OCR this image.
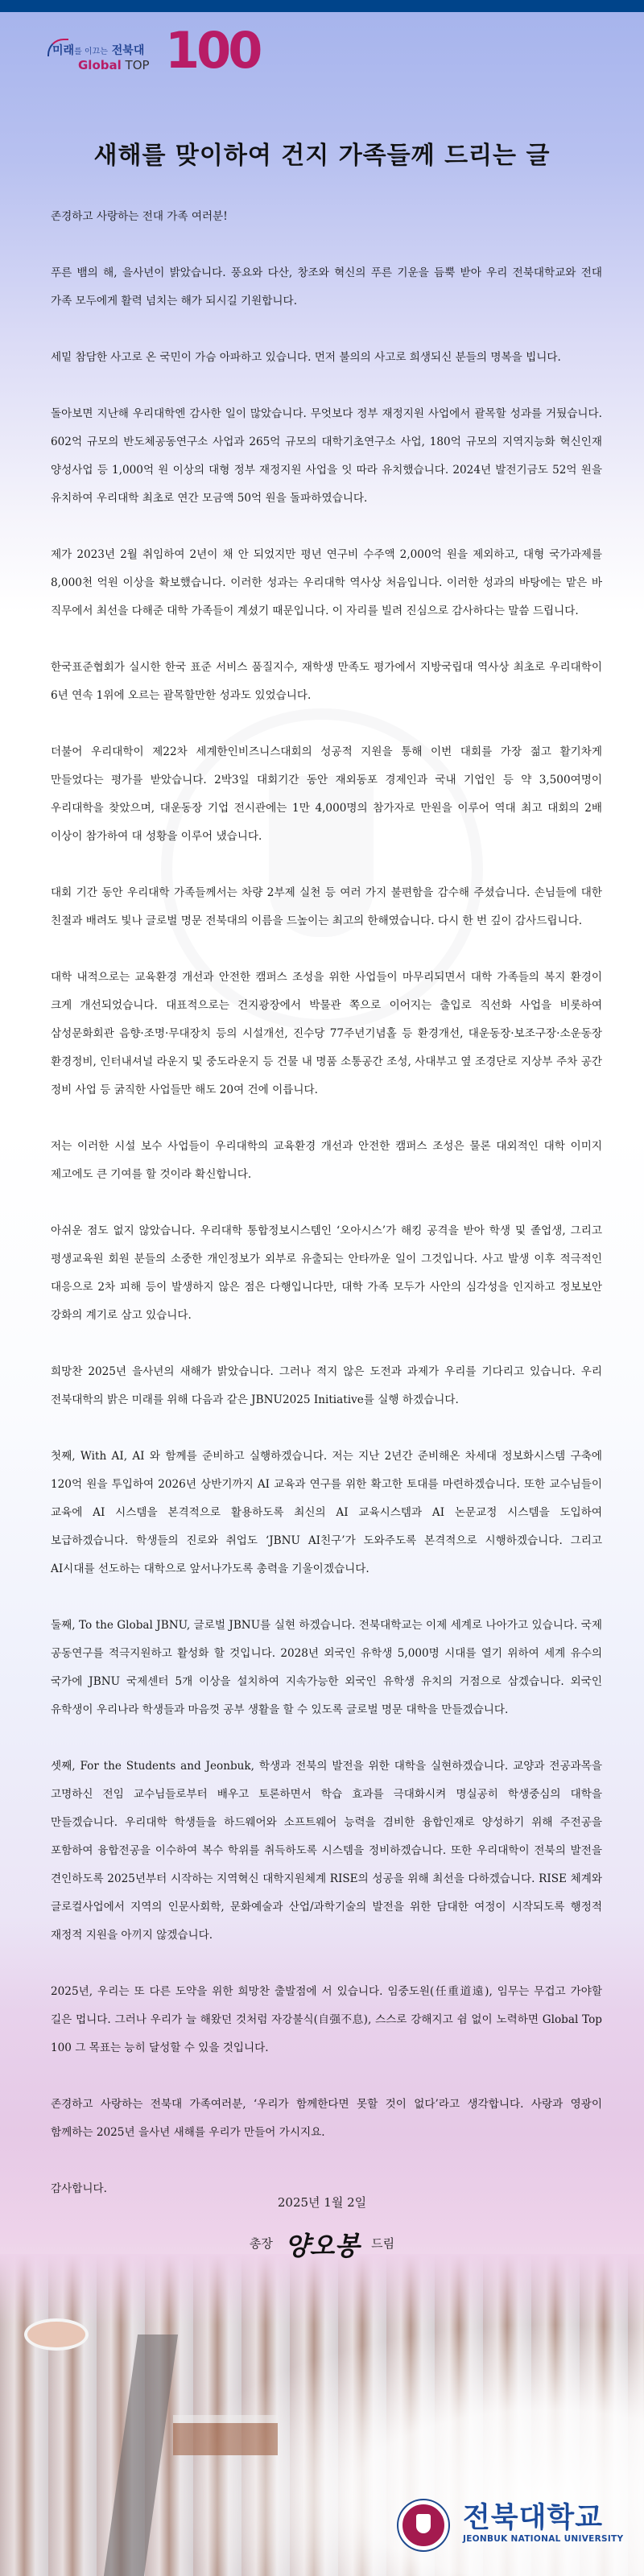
미래를 이끄는 전북대
Global TOP 100
새해를 맞이하여 건지 가족들께 드리는 글

존경하고 사랑하는 전대 가족 여러분!

푸른 뱀의 해, 을사년이 밝았습니다. 풍요와 다산, 창조와 혁신의 푸른 기운을 듬뿍 받아 우리 전북대학교와 전대 가족 모두에게 활력 넘치는 해가 되시길 기원합니다.

세밑 참담한 사고로 온 국민이 가슴 아파하고 있습니다. 먼저 불의의 사고로 희생되신 분들의 명복을 빕니다.

돌아보면 지난해 우리대학엔 감사한 일이 많았습니다. 무엇보다 정부 재정지원 사업에서 괄목할 성과를 거뒀습니다. 602억 규모의 반도체공동연구소 사업과 265억 규모의 대학기초연구소 사업, 180억 규모의 지역지능화 혁신인재 양성사업 등 1,000억 원 이상의 대형 정부 재정지원 사업을 잇 따라 유치했습니다. 2024년 발전기금도 52억 원을 유치하여 우리대학 최초로 연간 모금액 50억 원을 돌파하였습니다.

제가 2023년 2월 취임하여 2년이 채 안 되었지만 평년 연구비 수주액 2,000억 원을 제외하고, 대형 국가과제를 8,000천 억원 이상을 확보했습니다. 이러한 성과는 우리대학 역사상 처음입니다. 이러한 성과의 바탕에는 맡은 바 직무에서 최선을 다해준 대학 가족들이 계셨기 때문입니다. 이 자리를 빌려 진심으로 감사하다는 말씀 드립니다.

한국표준협회가 실시한 한국 표준 서비스 품질지수, 재학생 만족도 평가에서 지방국립대 역사상 최초로 우리대학이 6년 연속 1위에 오르는 괄목할만한 성과도 있었습니다.

더불어 우리대학이 제22차 세계한인비즈니스대회의 성공적 지원을 통해 이번 대회를 가장 젊고 활기차게 만들었다는 평가를 받았습니다. 2박3일 대회기간 동안 재외동포 경제인과 국내 기업인 등 약 3,500여명이 우리대학을 찾았으며, 대운동장 기업 전시관에는 1만 4,000명의 참가자로 만원을 이루어 역대 최고 대회의 2배 이상이 참가하여 대 성황을 이루어 냈습니다.

대회 기간 동안 우리대학 가족들께서는 차량 2부제 실천 등 여러 가지 불편함을 감수해 주셨습니다. 손님들에 대한 친절과 배려도 빛나 글로벌 명문 전북대의 이름을 드높이는 최고의 한해였습니다. 다시 한 번 깊이 감사드립니다.

대학 내적으로는 교육환경 개선과 안전한 캠퍼스 조성을 위한 사업들이 마무리되면서 대학 가족들의 복지 환경이 크게 개선되었습니다. 대표적으로는 건지광장에서 박물관 쪽으로 이어지는 출입로 직선화 사업을 비롯하여 삼성문화회관 음향·조명·무대장치 등의 시설개선, 진수당 77주년기념홀 등 환경개선, 대운동장·보조구장·소운동장 환경정비, 인터내셔널 라운지 및 중도라운지 등 건물 내 명품 소통공간 조성, 사대부고 옆 조경단로 지상부 주차 공간 정비 사업 등 굵직한 사업들만 해도 20여 건에 이릅니다.

저는 이러한 시설 보수 사업들이 우리대학의 교육환경 개선과 안전한 캠퍼스 조성은 물론 대외적인 대학 이미지 제고에도 큰 기여를 할 것이라 확신합니다.

아쉬운 점도 없지 않았습니다. 우리대학 통합정보시스템인 ‘오아시스’가 해킹 공격을 받아 학생 및 졸업생, 그리고 평생교육원 회원 분들의 소중한 개인정보가 외부로 유출되는 안타까운 일이 그것입니다. 사고 발생 이후 적극적인 대응으로 2차 피해 등이 발생하지 않은 점은 다행입니다만, 대학 가족 모두가 사안의 심각성을 인지하고 정보보안 강화의 계기로 삼고 있습니다.

희망찬 2025년 을사년의 새해가 밝았습니다. 그러나 적지 않은 도전과 과제가 우리를 기다리고 있습니다. 우리 전북대학의 밝은 미래를 위해 다음과 같은 JBNU2025 Initiative를 실행 하겠습니다.

첫째, With AI, AI 와 함께를 준비하고 실행하겠습니다. 저는 지난 2년간 준비해온 차세대 정보화시스템 구축에 120억 원을 투입하여 2026년 상반기까지 AI 교육과 연구를 위한 확고한 토대를 마련하겠습니다. 또한 교수님들이 교육에 AI 시스템을 본격적으로 활용하도록 최신의 AI 교육시스템과 AI 논문교정 시스템을 도입하여 보급하겠습니다. 학생들의 진로와 취업도 ‘JBNU AI친구’가 도와주도록 본격적으로 시행하겠습니다. 그리고 AI시대를 선도하는 대학으로 앞서나가도록 총력을 기울이겠습니다.

둘째, To the Global JBNU, 글로벌 JBNU를 실현 하겠습니다. 전북대학교는 이제 세계로 나아가고 있습니다. 국제 공동연구를 적극지원하고 활성화 할 것입니다. 2028년 외국인 유학생 5,000명 시대를 열기 위하여 세계 유수의 국가에 JBNU 국제센터 5개 이상을 설치하여 지속가능한 외국인 유학생 유치의 거점으로 삼겠습니다. 외국인 유학생이 우리나라 학생들과 마음껏 공부 생활을 할 수 있도록 글로벌 명문 대학을 만들겠습니다.

셋째, For the Students and Jeonbuk, 학생과 전북의 발전을 위한 대학을 실현하겠습니다. 교양과 전공과목을 고명하신 전임 교수님들로부터 배우고 토론하면서 학습 효과를 극대화시켜 명실공히 학생중심의 대학을 만들겠습니다. 우리대학 학생들을 하드웨어와 소프트웨어 능력을 겸비한 융합인재로 양성하기 위해 주전공을 포함하여 융합전공을 이수하여 복수 학위를 취득하도록 시스템을 정비하겠습니다. 또한 우리대학이 전북의 발전을 견인하도록 2025년부터 시작하는 지역혁신 대학지원체계 RISE의 성공을 위해 최선을 다하겠습니다. RISE 체계와 글로컬사업에서 지역의 인문사회학, 문화예술과 산업/과학기술의 발전을 위한 담대한 여정이 시작되도록 행정적 재정적 지원을 아끼지 않겠습니다.

2025년, 우리는 또 다른 도약을 위한 희망찬 출발점에 서 있습니다. 임중도원(任重道遠), 임무는 무겁고 가야할 길은 멉니다. 그러나 우리가 늘 해왔던 것처럼 자강불식(自强不息), 스스로 강해지고 쉼 없이 노력하면 Global Top 100 그 목표는 능히 달성할 수 있을 것입니다.

존경하고 사랑하는 전북대 가족여러분, ‘우리가 함께한다면 못할 것이 없다’라고 생각합니다. 사랑과 영광이 함께하는 2025년 을사년 새해를 우리가 만들어 가시지요.

감사합니다.

2025년 1월 2일
총장 양오봉 드림
전북대학교
JEONBUK NATIONAL UNIVERSITY
